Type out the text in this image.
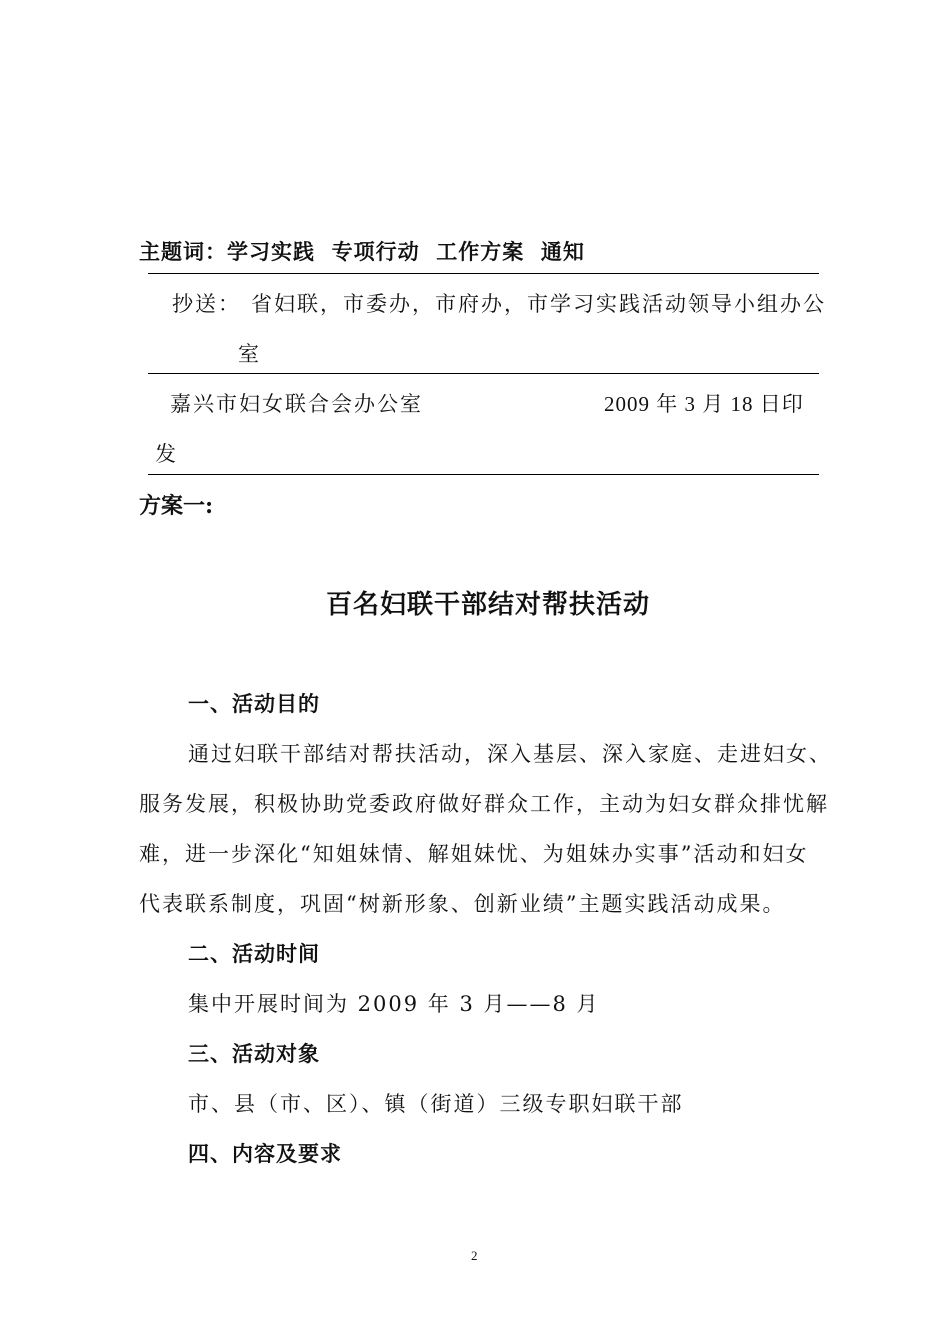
主题词：学习实践  专项行动  工作方案  通知
抄送： 省妇联，市委办，市府办，市学习实践活动领导小组办公
室
嘉兴市妇女联合会办公室	2009 年 3 月 18 日印
发
方案一:
百名妇联干部结对帮扶活动
一、活动目的
通过妇联干部结对帮扶活动，深入基层、深入家庭、走进妇女、
服务发展，积极协助党委政府做好群众工作，主动为妇女群众排忧解
难，进一步深化“知姐妹情、解姐妹忧、为姐妹办实事”活动和妇女
代表联系制度，巩固“树新形象、创新业绩”主题实践活动成果。
二、活动时间
集中开展时间为 2009 年 3 月——8 月
三、活动对象
市、县（市、区）、镇（街道）三级专职妇联干部
四、内容及要求
2
